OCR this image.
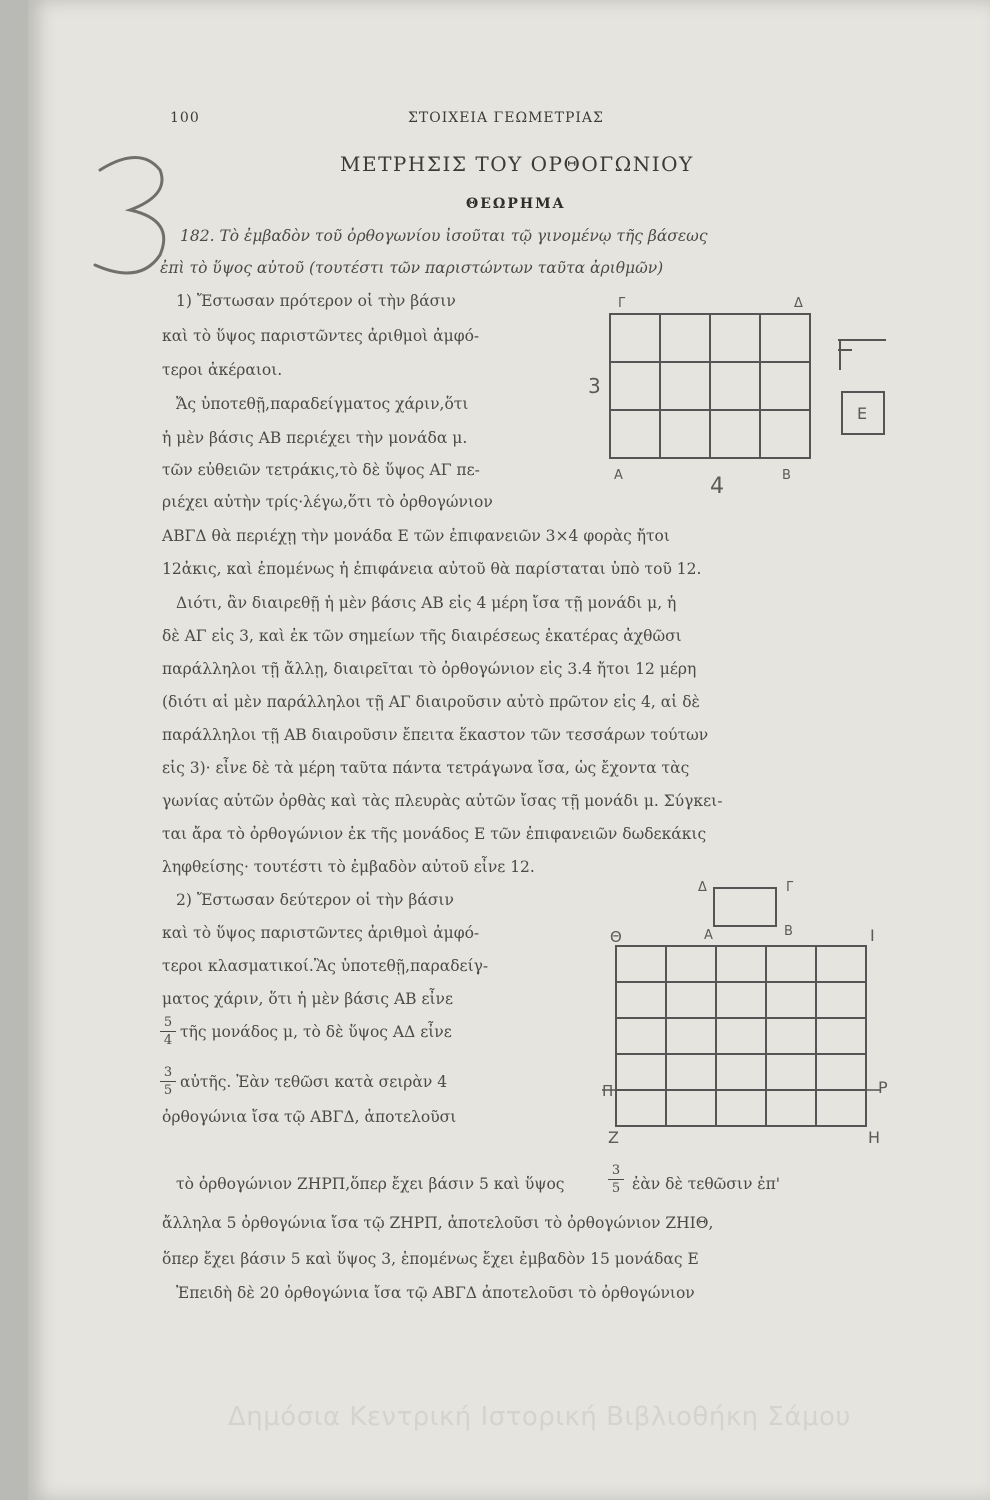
100	ΣΤΟΙΧΕΙΑ ΓΕΩΜΕΤΡΙΑΣ
ΜΕΤΡΗΣΙΣ ΤΟΥ ΟΡΘΟΓΩΝΙΟΥ
ΘΕΩΡΗΜΑ
182. Τὸ ἐμβαδὸν τοῦ ὀρθογωνίου ἰσοῦται τῷ γινομένῳ τῆς βάσεως
ἐπὶ τὸ ὕψος αὐτοῦ (τουτέστι τῶν παριστώντων ταῦτα ἀριθμῶν)
1) Ἔστωσαν πρότερον οἱ τὴν βάσιν
καὶ τὸ ὕψος παριστῶντες ἀριθμοὶ ἀμφό-
τεροι ἀκέραιοι.
Ἄς ὑποτεθῇ,παραδείγματος χάριν,ὅτι
ἡ μὲν βάσις ΑΒ περιέχει τὴν μονάδα μ.
τῶν εὐθειῶν τετράκις,τὸ δὲ ὕψος ΑΓ πε-
ριέχει αὐτὴν τρίς·λέγω,ὅτι τὸ ὀρθογώνιον
Γ	Δ
Α	Β
3
4
Ε
ΑΒΓΔ θὰ περιέχῃ τὴν μονάδα Ε τῶν ἐπιφανειῶν 3×4 φορὰς ἤτοι
12ἀκις, καὶ ἑπομένως ἡ ἐπιφάνεια αὐτοῦ θὰ παρίσταται ὑπὸ τοῦ 12.
Διότι, ἂν διαιρεθῇ ἡ μὲν βάσις ΑΒ εἰς 4 μέρη ἴσα τῇ μονάδι μ, ἡ
δὲ ΑΓ εἰς 3, καὶ ἐκ τῶν σημείων τῆς διαιρέσεως ἑκατέρας ἀχθῶσι
παράλληλοι τῇ ἄλλῃ, διαιρεῖται τὸ ὀρθογώνιον εἰς 3.4 ἤτοι 12 μέρη
(διότι αἱ μὲν παράλληλοι τῇ ΑΓ διαιροῦσιν αὐτὸ πρῶτον εἰς 4, αἱ δὲ
παράλληλοι τῇ ΑΒ διαιροῦσιν ἔπειτα ἕκαστον τῶν τεσσάρων τούτων
εἰς 3)· εἶνε δὲ τὰ μέρη ταῦτα πάντα τετράγωνα ἴσα, ὡς ἔχοντα τὰς
γωνίας αὐτῶν ὀρθὰς καὶ τὰς πλευρὰς αὐτῶν ἴσας τῇ μονάδι μ. Σύγκει-
ται ἄρα τὸ ὀρθογώνιον ἐκ τῆς μονάδος Ε τῶν ἐπιφανειῶν δωδεκάκις
ληφθείσης· τουτέστι τὸ ἐμβαδὸν αὐτοῦ εἶνε 12.
2) Ἔστωσαν δεύτερον οἱ τὴν βάσιν
καὶ τὸ ὕψος παριστῶντες ἀριθμοὶ ἀμφό-
τεροι κλασματικοί.Ἂς ὑποτεθῇ,παραδείγ-
ματος χάριν, ὅτι ἡ μὲν βάσις ΑΒ εἶνε
$\frac{5}{4}$ τῆς μονάδος μ, τὸ δὲ ὕψος ΑΔ εἶνε
$\frac{3}{5}$ αὐτῆς. Ἐὰν τεθῶσι κατὰ σειρὰν 4
ὀρθογώνια ἴσα τῷ ΑΒΓΔ, ἀποτελοῦσι
Δ	Γ
Α	Β
Θ	Ι
Π	Ρ
Ζ	Η
τὸ ὀρθογώνιον ΖΗΡΠ,ὅπερ ἔχει βάσιν 5 καὶ ὕψος	$\frac{3}{5}$ ἐὰν δὲ τεθῶσιν ἐπ'
ἄλληλα 5 ὀρθογώνια ἴσα τῷ ΖΗΡΠ, ἀποτελοῦσι τὸ ὀρθογώνιον ΖΗΙΘ,
ὅπερ ἔχει βάσιν 5 καὶ ὕψος 3, ἑπομένως ἔχει ἐμβαδὸν 15 μονάδας Ε
Ἐπειδὴ δὲ 20 ὀρθογώνια ἴσα τῷ ΑΒΓΔ ἀποτελοῦσι τὸ ὀρθογώνιον
Δημόσια Κεντρική Ιστορική Βιβλιοθήκη Σάμου
